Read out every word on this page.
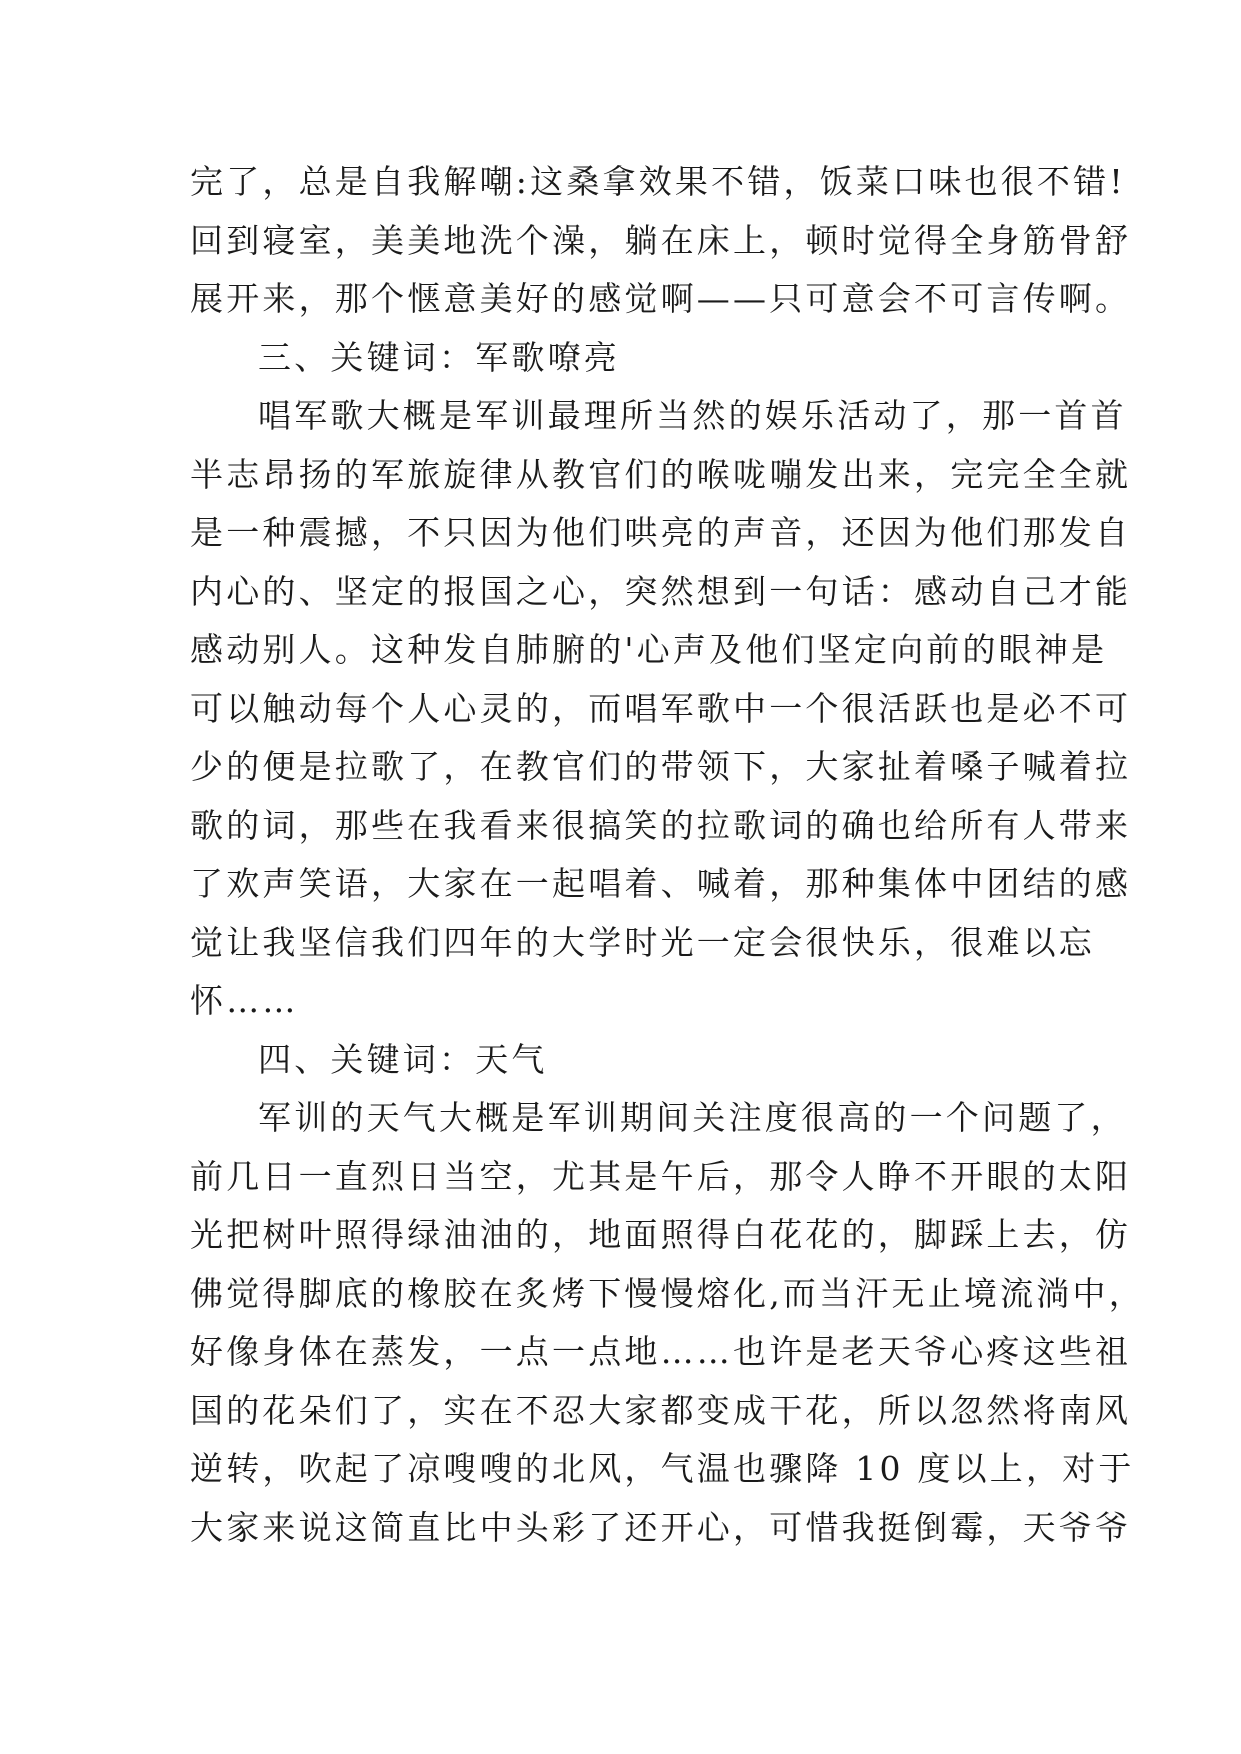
完了，总是自我解嘲:这桑拿效果不错，饭菜口味也很不错!
回到寝室，美美地洗个澡，躺在床上，顿时觉得全身筋骨舒
展开来，那个惬意美好的感觉啊——只可意会不可言传啊。
三、关键词：军歌嘹亮
唱军歌大概是军训最理所当然的娱乐活动了，那一首首
半志昂扬的军旅旋律从教官们的喉咙嘣发出来，完完全全就
是一种震撼，不只因为他们哄亮的声音，还因为他们那发自
内心的、坚定的报国之心，突然想到一句话：感动自己才能
感动别人。这种发自肺腑的'心声及他们坚定向前的眼神是
可以触动每个人心灵的，而唱军歌中一个很活跃也是必不可
少的便是拉歌了，在教官们的带领下，大家扯着嗓子喊着拉
歌的词，那些在我看来很搞笑的拉歌词的确也给所有人带来
了欢声笑语，大家在一起唱着、喊着，那种集体中团结的感
觉让我坚信我们四年的大学时光一定会很快乐，很难以忘
怀……
四、关键词：天气
军训的天气大概是军训期间关注度很高的一个问题了，
前几日一直烈日当空，尤其是午后，那令人睁不开眼的太阳
光把树叶照得绿油油的，地面照得白花花的，脚踩上去，仿
佛觉得脚底的橡胶在炙烤下慢慢熔化,而当汗无止境流淌中，
好像身体在蒸发，一点一点地……也许是老天爷心疼这些祖
国的花朵们了，实在不忍大家都变成干花，所以忽然将南风
逆转，吹起了凉嗖嗖的北风，气温也骤降 10 度以上，对于
大家来说这简直比中头彩了还开心，可惜我挺倒霉，天爷爷
